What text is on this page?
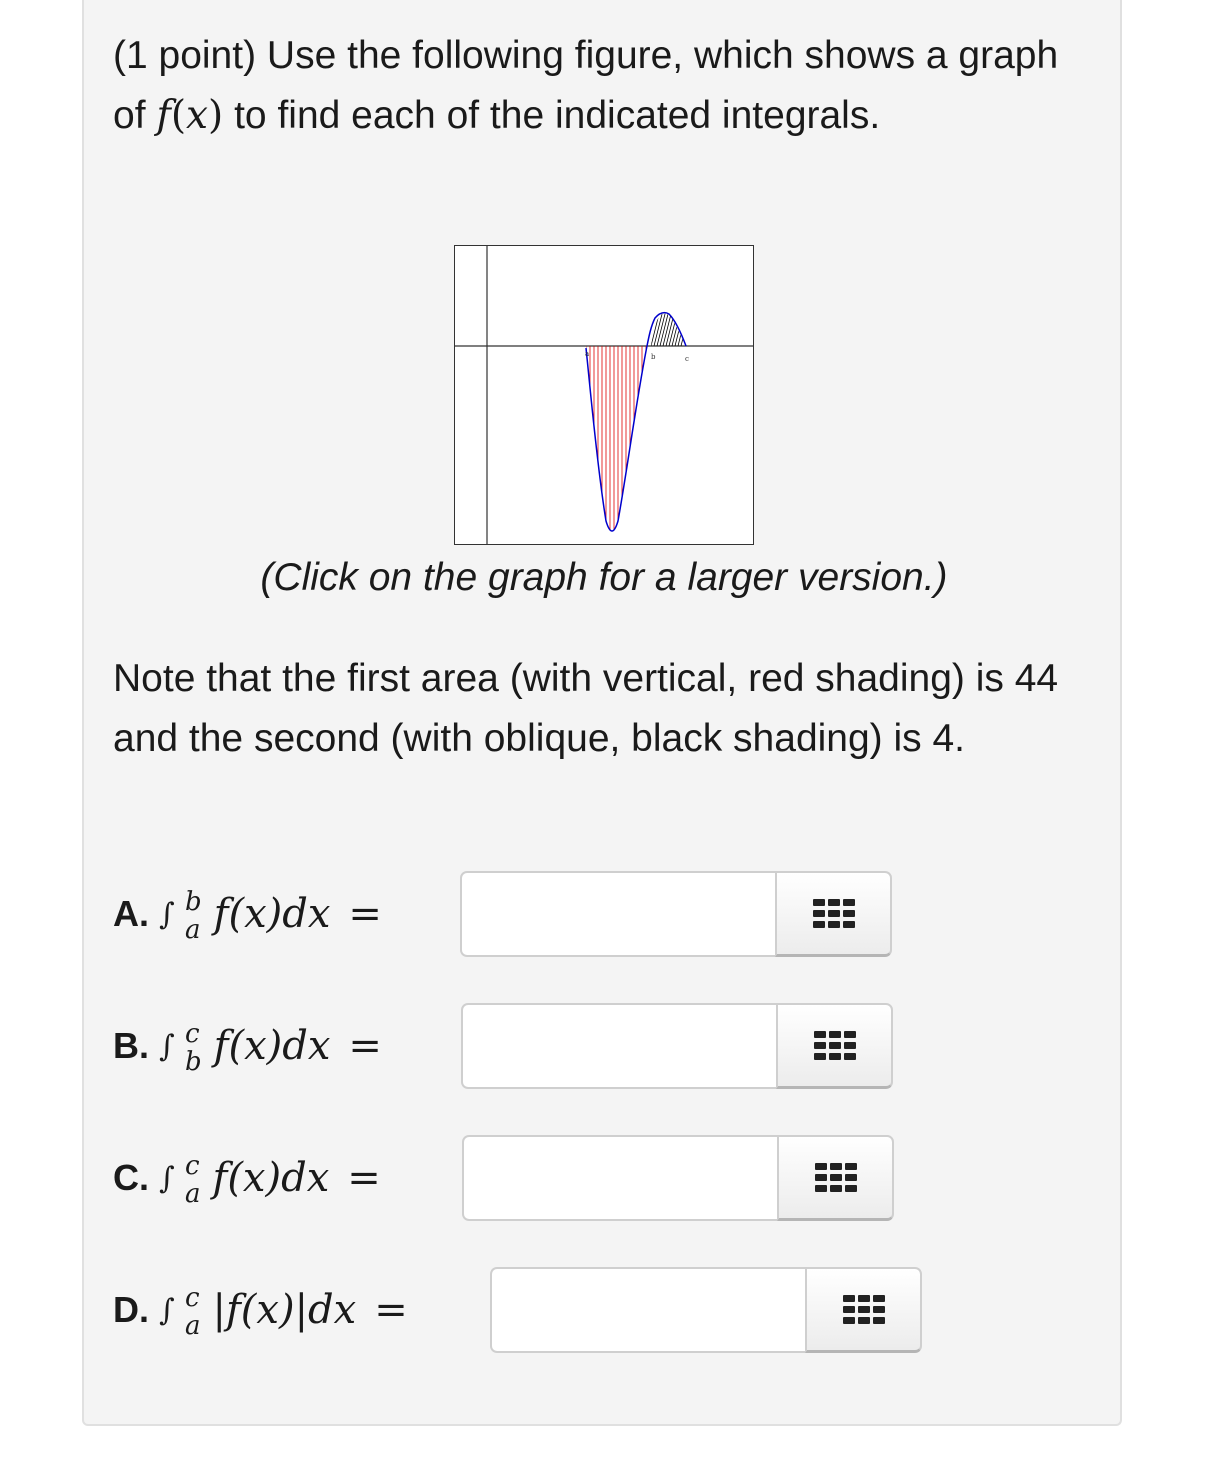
(1 point) Use the following figure, which shows a graph of f(x) to find each of the indicated integrals.
a	b	c
(Click on the graph for a larger version.)
Note that the first area (with vertical, red shading) is 44 and the second (with oblique, black shading) is 4.
A. ∫ b
a f(x)dx =
B. ∫ c
b f(x)dx =
C. ∫ c
a f(x)dx =
D. ∫ c
a |f(x)|dx =
